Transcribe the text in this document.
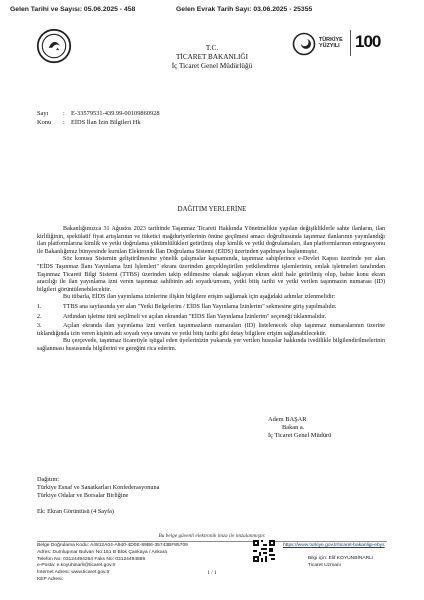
Gelen Tarihi ve Sayısı: 05.06.2025 - 458	Gelen Evrak Tarih Sayı: 03.06.2025 - 25355
TÜRKİYE
YÜZYILI 100
T.C.
TİCARET BAKANLIĞI
İç Ticaret Genel Müdürlüğü
Sayı : E-33579531-439.99-00109860928
Konu : EİDS İlan İzin Bilgileri Hk
DAĞITIM YERLERİNE

Bakanlığımızca 31 Ağustos 2023 tarihinde Taşınmaz Ticareti Hakkında Yönetmelikte yapılan değişikliklerle sahte ilanların, ilan kirliliğinin, spekülatif fiyat artışlarının ve tüketici mağduriyetlerinin önüne geçilmesi amacı doğrultusunda taşınmaz ilanlarının yayınlandığı ilan platformlarına kimlik ve yetki doğrulama yükümlülükleri getirilmiş olup kimlik ve yetki doğrulamaları, ilan platformlarının entegrasyonu ile Bakanlığımız bünyesinde kurulan Elektronik İlan Doğrulama Sistemi (EİDS) üzerinden yapılmaya başlanmıştır.

Söz konusu Sistemin geliştirilmesine yönelik çalışmalar kapsamında, taşınmaz sahiplerince e-Devlet Kapısı üzerinde yer alan "EİDS Taşınmaz İlanı Yayınlama İzni İşlemleri" ekranı üzerinden gerçekleştirilen yetkilendirme işlemlerinin, emlak işletmeleri tarafından Taşınmaz Ticareti Bilgi Sistemi (TTBS) üzerinden takip edilmesine olanak sağlayan ekran aktif hale getirilmiş olup, bahse konu ekran aracılığı ile ilan yayınlama izni veren taşınmaz sahibinin adı soyadı/unvanı, yetki bitiş tarihi ve yetki verilen taşınmazın numarası (ID) bilgileri görüntülenebilecektir.

Bu itibarla, EİDS ilan yayınlama izinlerine ilişkin bilgilere erişim sağlamak için aşağıdaki adımlar izlenmelidir:

1.	TTBS ana sayfasında yer alan "Yetki Belgelerim / EİDS İlan Yayınlama İzinlerim" sekmesine giriş yapılmalıdır.

2.	Ardından işletme türü seçilmeli ve açılan ekrandan "EİDS İlan Yayınlama İzinlerim" seçeneği tıklanmalıdır.

3.	Açılan ekranda ilan yayınlama izni verilen taşınmazların numaraları (ID) listelenecek olup taşınmaz numaralarının üzerine tıklandığında izin veren kişinin adı soyadı veya unvanı ve yetki bitiş tarihi gibi detay bilgilere erişim sağlanabilecektir.

Bu çerçevede, taşınmaz ticaretiyle iştigal eden üyelerinizin yukarıda yer verilen hususlar hakkında ivedilikle bilgilendirilmelerinin sağlanması hususunda bilgilerini ve gereğini rica ederim.

Adem BAŞAR
Bakan a.
İç Ticaret Genel Müdürü
Dağıtım:
Türkiye Esnaf ve Sanatkarları Konfederasyonuna
Türkiye Odalar ve Borsalar Birliğine
Ek: Ekran Görüntüsü (4 Sayfa)
Bu belge güvenli elektronik imza ile imzalanmıştır.
Belge Doğrulama Kodu: A4812A04-A940-4D0E-89B6-35743BF85709
Adres: Dumlupınar Bulvarı No:151 B Blok Çankaya / Ankara
Telefon No: 03124494264 Faks No: 03124494886
e-Posta: e.koyuhinarli@ticaret.gov.tr
İnternet Adresi: www.ticaret.gov.tr
KEP Adresi:
https://www.turkiye.gov.tr/ticaret-bakanligi-ebys
Bilgi için: Elif KOYUNBİNARLI
Ticaret Uzmanı
1 / 1
